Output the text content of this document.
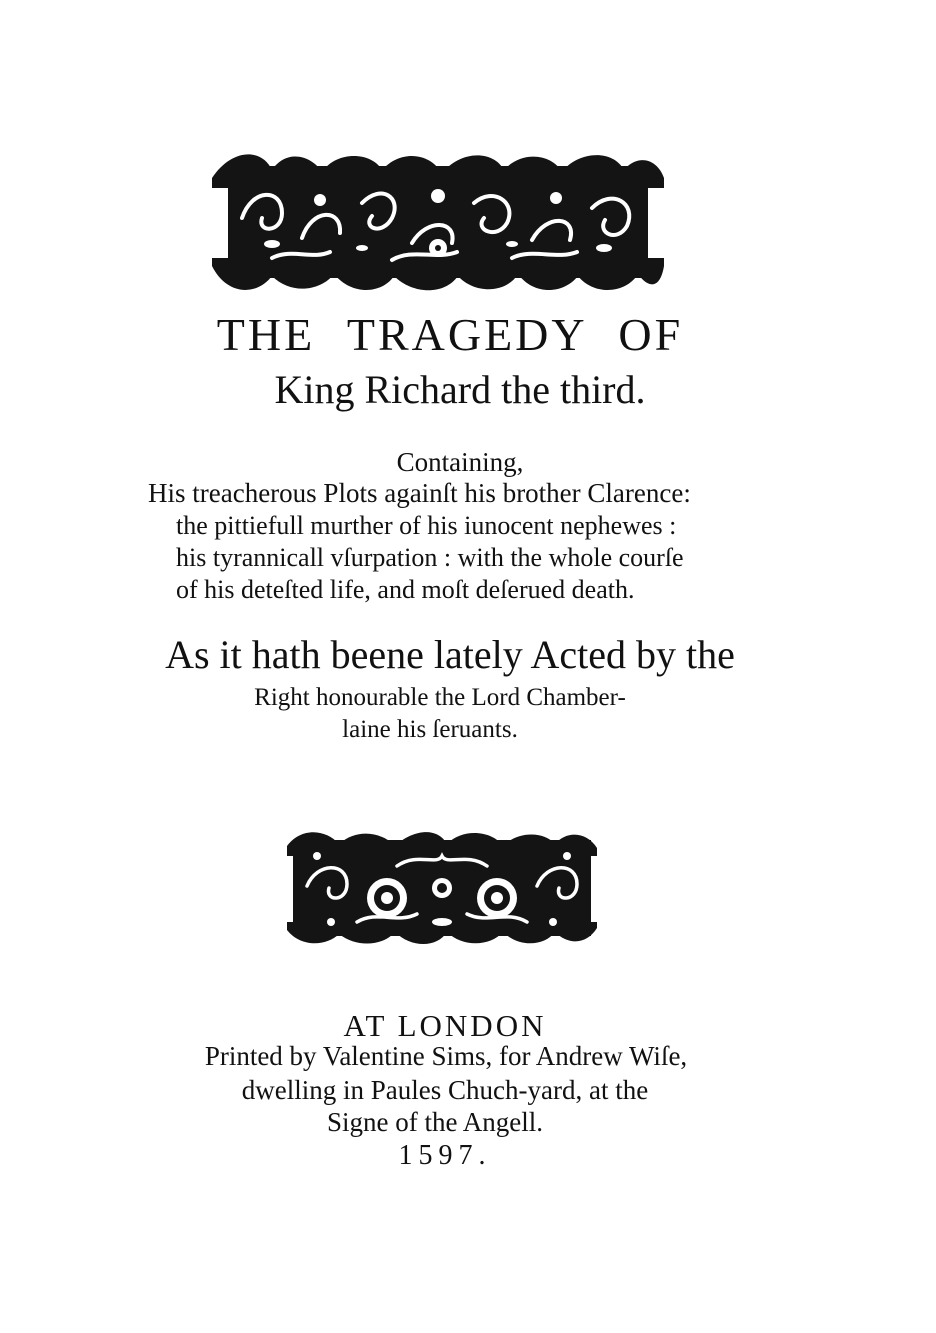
THE TRAGEDY OF
King Richard the third.
Containing,
His treacherous Plots againſt his brother Clarence:
the pittiefull murther of his iunocent nephewes :
his tyrannicall vſurpation : with the whole courſe
of his deteſted life, and moſt deſerued death.
As it hath beene lately Acted by the
Right honourable the Lord Chamber-
laine his ſeruants.
AT LONDON
Printed by Valentine Sims, for Andrew Wiſe,
dwelling in Paules Chuch-yard, at the
Signe of the Angell.
1597.
